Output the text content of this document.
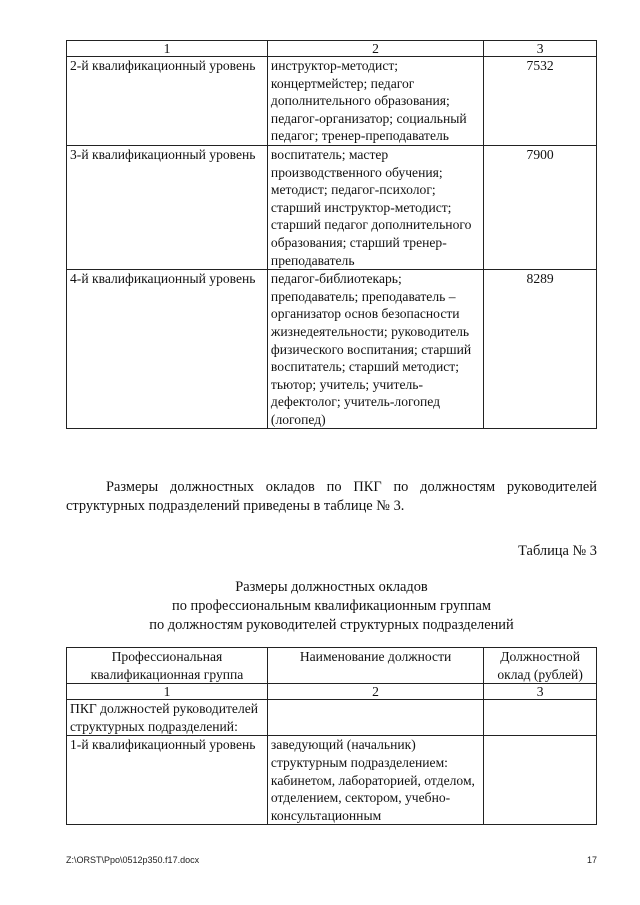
1	2	3
2-й квалификационный уровень	инструктор-методист; концертмейстер; педагог дополнительного образования; педагог-организатор; социальный педагог; тренер-преподаватель	7532
3-й квалификационный уровень	воспитатель; мастер производственного обучения; методист; педагог-психолог; старший инструктор-методист; старший педагог дополнительного образования; старший тренер-преподаватель	7900
4-й квалификационный уровень	педагог-библиотекарь; преподаватель; преподаватель – организатор основ безопасности жизнедеятельности; руководитель физического воспитания; старший воспитатель; старший методист; тьютор; учитель; учитель-дефектолог; учитель-логопед (логопед)	8289

Размеры должностных окладов по ПКГ по должностям руководителей структурных подразделений приведены в таблице № 3.

Таблица № 3
Размеры должностных окладов
по профессиональным квалификационным группам
по должностям руководителей структурных подразделений
Профессиональная квалификационная группа	Наименование должности	Должностной оклад (рублей)
1	2	3
ПКГ должностей руководителей структурных подразделений:		
1-й квалификационный уровень	заведующий (начальник) структурным подразделением: кабинетом, лабораторией, отделом, отделением, сектором, учебно-консультационным	
Z:\ORST\Ppo\0512p350.f17.docx	17
